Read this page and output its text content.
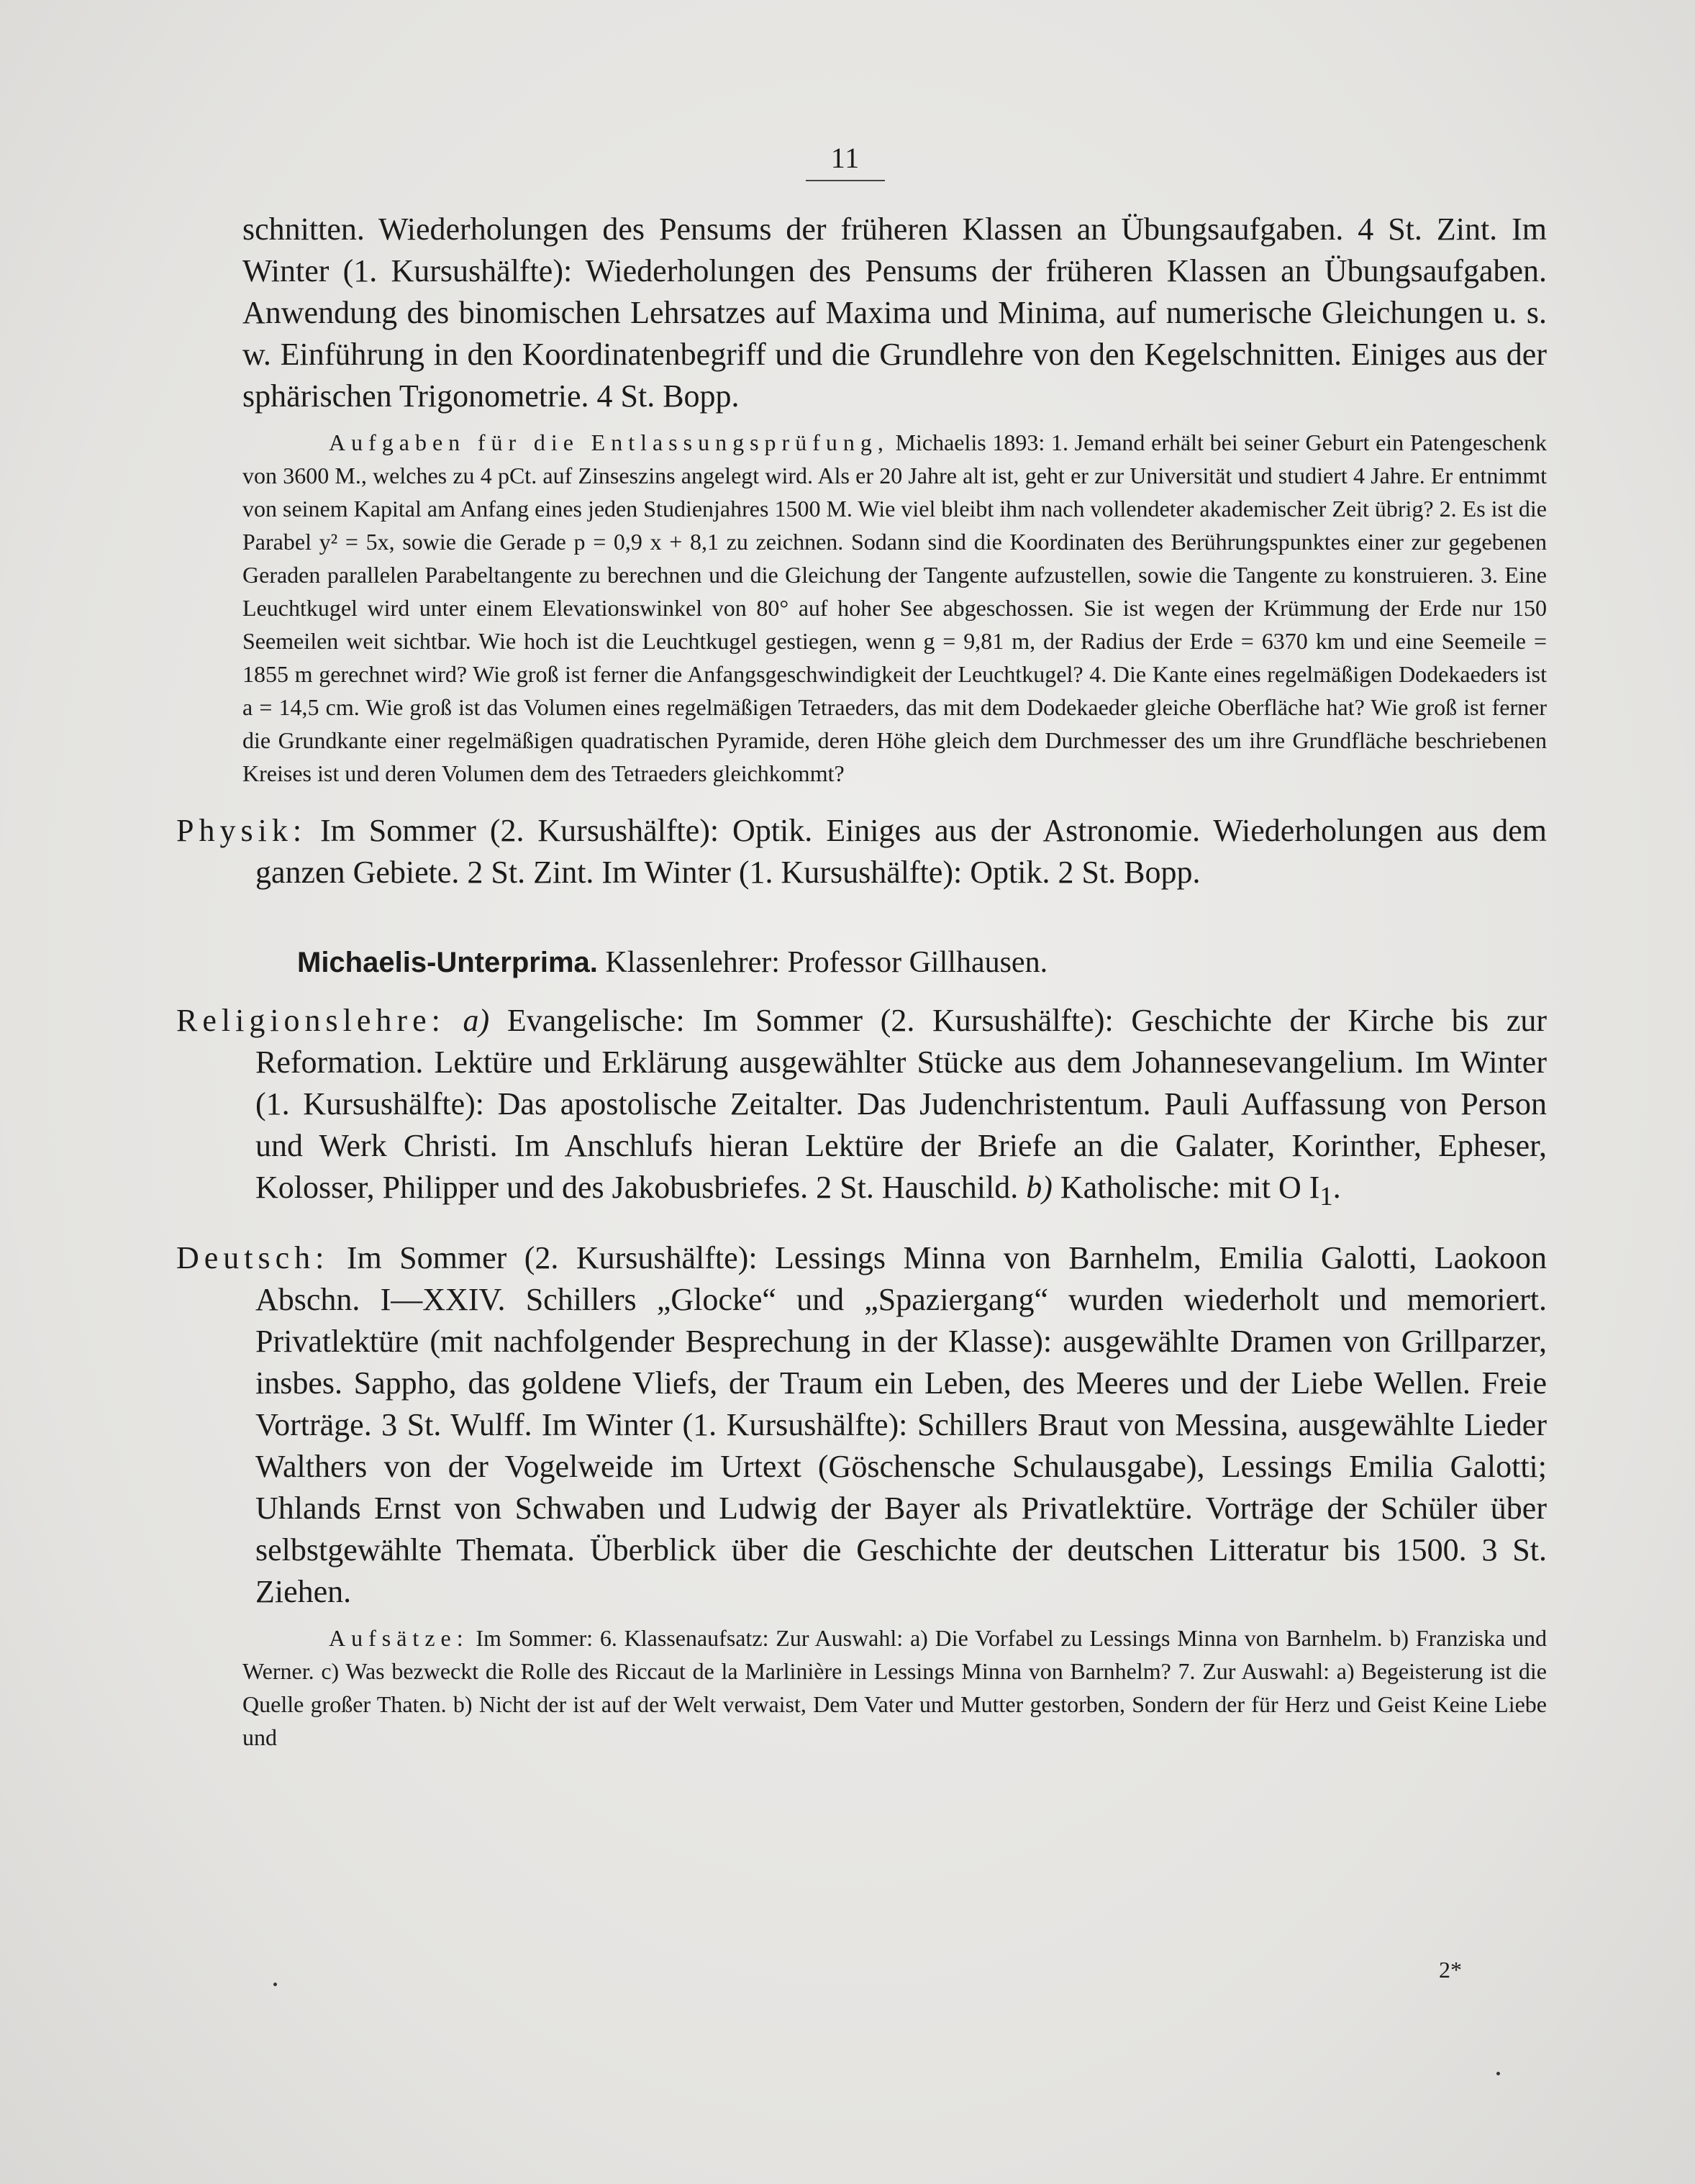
11

schnitten. Wiederholungen des Pensums der früheren Klassen an Übungsaufgaben. 4 St. Zint. Im Winter (1. Kursushälfte): Wiederholungen des Pensums der früheren Klassen an Übungsaufgaben. Anwendung des binomischen Lehrsatzes auf Maxima und Minima, auf numerische Gleichungen u. s. w. Einführung in den Koordinatenbegriff und die Grundlehre von den Kegelschnitten. Einiges aus der sphärischen Trigonometrie. 4 St. Bopp.

Aufgaben für die Entlassungsprüfung, Michaelis 1893: 1. Jemand erhält bei seiner Geburt ein Patengeschenk von 3600 M., welches zu 4 pCt. auf Zinseszins angelegt wird. Als er 20 Jahre alt ist, geht er zur Universität und studiert 4 Jahre. Er entnimmt von seinem Kapital am Anfang eines jeden Studienjahres 1500 M. Wie viel bleibt ihm nach vollendeter akademischer Zeit übrig? 2. Es ist die Parabel y² = 5x, sowie die Gerade p = 0,9 x + 8,1 zu zeichnen. Sodann sind die Koordinaten des Berührungspunktes einer zur gegebenen Geraden parallelen Parabeltangente zu berechnen und die Gleichung der Tangente aufzustellen, sowie die Tangente zu konstruieren. 3. Eine Leuchtkugel wird unter einem Elevationswinkel von 80° auf hoher See abgeschossen. Sie ist wegen der Krümmung der Erde nur 150 Seemeilen weit sichtbar. Wie hoch ist die Leuchtkugel gestiegen, wenn g = 9,81 m, der Radius der Erde = 6370 km und eine Seemeile = 1855 m gerechnet wird? Wie groß ist ferner die Anfangsgeschwindigkeit der Leuchtkugel? 4. Die Kante eines regelmäßigen Dodekaeders ist a = 14,5 cm. Wie groß ist das Volumen eines regelmäßigen Tetraeders, das mit dem Dodekaeder gleiche Oberfläche hat? Wie groß ist ferner die Grundkante einer regelmäßigen quadratischen Pyramide, deren Höhe gleich dem Durchmesser des um ihre Grundfläche beschriebenen Kreises ist und deren Volumen dem des Tetraeders gleichkommt?

Physik: Im Sommer (2. Kursushälfte): Optik. Einiges aus der Astronomie. Wiederholungen aus dem ganzen Gebiete. 2 St. Zint. Im Winter (1. Kursushälfte): Optik. 2 St. Bopp.

Michaelis-Unterprima. Klassenlehrer: Professor Gillhausen.

Religionslehre: a) Evangelische: Im Sommer (2. Kursushälfte): Geschichte der Kirche bis zur Reformation. Lektüre und Erklärung ausgewählter Stücke aus dem Johannesevangelium. Im Winter (1. Kursushälfte): Das apostolische Zeitalter. Das Judenchristentum. Pauli Auffassung von Person und Werk Christi. Im Anschlufs hieran Lektüre der Briefe an die Galater, Korinther, Epheser, Kolosser, Philipper und des Jakobusbriefes. 2 St. Hauschild. b) Katholische: mit O $I_1$.

Deutsch: Im Sommer (2. Kursushälfte): Lessings Minna von Barnhelm, Emilia Galotti, Laokoon Abschn. I—XXIV. Schillers „Glocke“ und „Spaziergang“ wurden wiederholt und memoriert. Privatlektüre (mit nachfolgender Besprechung in der Klasse): ausgewählte Dramen von Grillparzer, insbes. Sappho, das goldene Vliefs, der Traum ein Leben, des Meeres und der Liebe Wellen. Freie Vorträge. 3 St. Wulff. Im Winter (1. Kursushälfte): Schillers Braut von Messina, ausgewählte Lieder Walthers von der Vogelweide im Urtext (Göschensche Schulausgabe), Lessings Emilia Galotti; Uhlands Ernst von Schwaben und Ludwig der Bayer als Privatlektüre. Vorträge der Schüler über selbstgewählte Themata. Überblick über die Geschichte der deutschen Litteratur bis 1500. 3 St. Ziehen.

Aufsätze: Im Sommer: 6. Klassenaufsatz: Zur Auswahl: a) Die Vorfabel zu Lessings Minna von Barnhelm. b) Franziska und Werner. c) Was bezweckt die Rolle des Riccaut de la Marlinière in Lessings Minna von Barnhelm? 7. Zur Auswahl: a) Begeisterung ist die Quelle großer Thaten. b) Nicht der ist auf der Welt verwaist, Dem Vater und Mutter gestorben, Sondern der für Herz und Geist Keine Liebe und

2*
